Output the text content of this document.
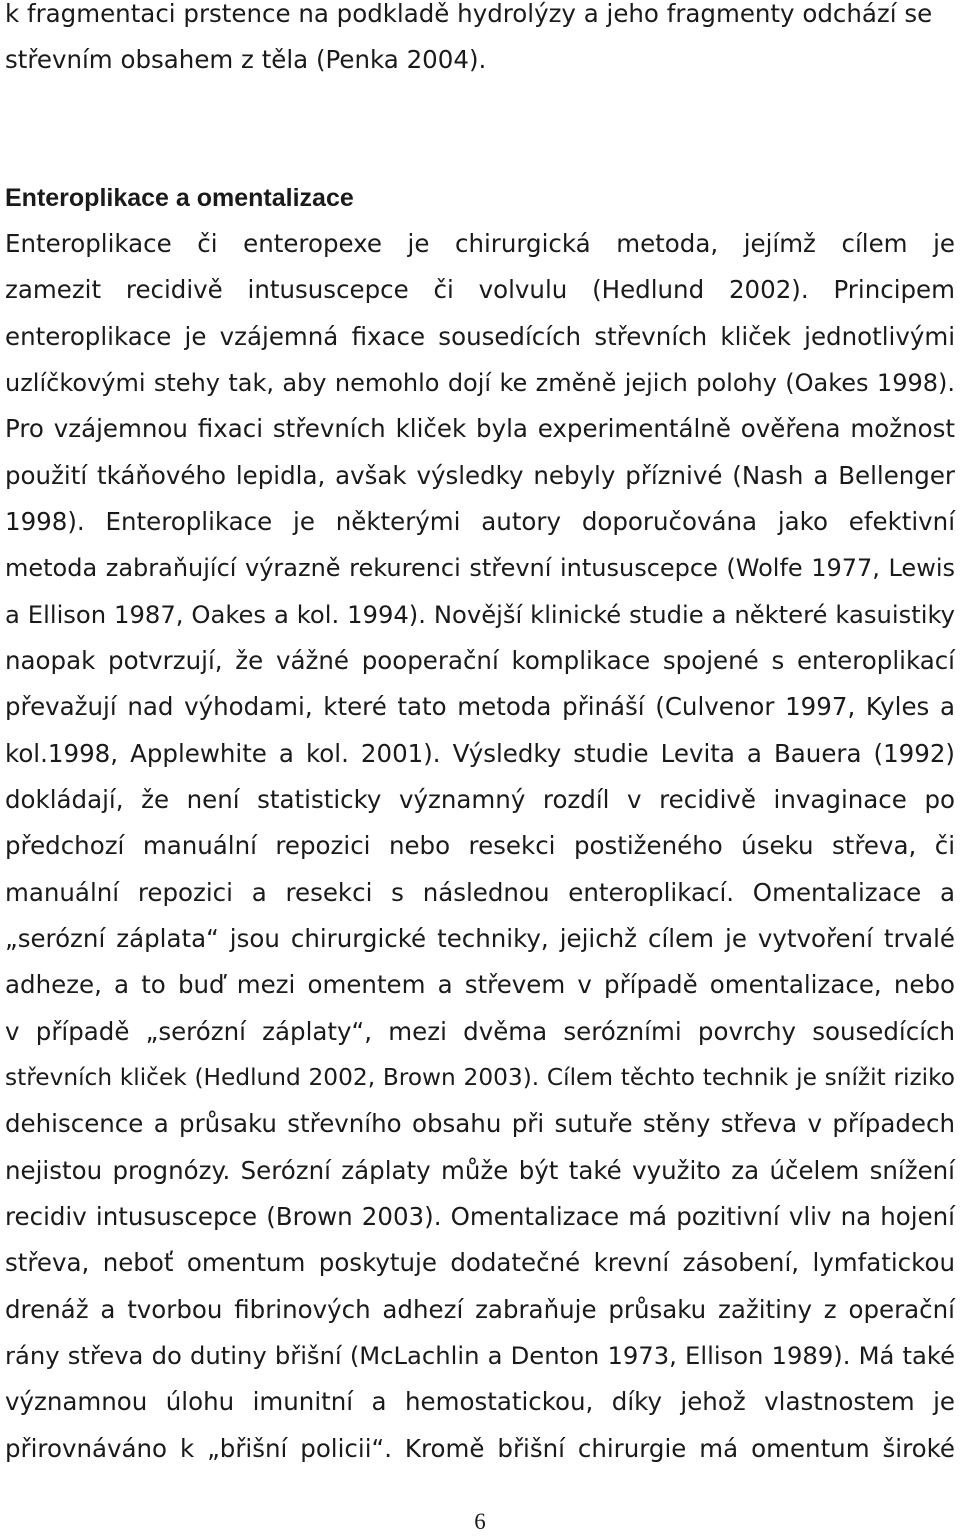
k fragmentaci prstence na podkladě hydrolýzy a jeho fragmenty odchází se
střevním obsahem z těla (Penka 2004).
Enteroplikace a omentalizace
Enteroplikace či enteropexe je chirurgická metoda, jejímž cílem je
zamezit recidivě intususcepce či volvulu (Hedlund 2002). Principem
enteroplikace je vzájemná fixace sousedících střevních kliček jednotlivými
uzlíčkovými stehy tak, aby nemohlo dojí ke změně jejich polohy (Oakes 1998).
Pro vzájemnou fixaci střevních kliček byla experimentálně ověřena možnost
použití tkáňového lepidla, avšak výsledky nebyly příznivé (Nash a Bellenger
1998). Enteroplikace je některými autory doporučována jako efektivní
metoda zabraňující výrazně rekurenci střevní intususcepce (Wolfe 1977, Lewis
a Ellison 1987, Oakes a kol. 1994). Novější klinické studie a některé kasuistiky
naopak potvrzují, že vážné pooperační komplikace spojené s enteroplikací
převažují nad výhodami, které tato metoda přináší (Culvenor 1997, Kyles a
kol.1998, Applewhite a kol. 2001). Výsledky studie Levita a Bauera (1992)
dokládají, že není statisticky významný rozdíl v recidivě invaginace po
předchozí manuální repozici nebo resekci postiženého úseku střeva, či
manuální repozici a resekci s následnou enteroplikací. Omentalizace a
„serózní záplata“ jsou chirurgické techniky, jejichž cílem je vytvoření trvalé
adheze, a to buď mezi omentem a střevem v případě omentalizace, nebo
v případě „serózní záplaty“, mezi dvěma serózními povrchy sousedících
střevních kliček (Hedlund 2002, Brown 2003). Cílem těchto technik je snížit riziko
dehiscence a průsaku střevního obsahu při sutuře stěny střeva v případech
nejistou prognózy. Serózní záplaty může být také využito za účelem snížení
recidiv intususcepce (Brown 2003). Omentalizace má pozitivní vliv na hojení
střeva, neboť omentum poskytuje dodatečné krevní zásobení, lymfatickou
drenáž a tvorbou fibrinových adhezí zabraňuje průsaku zažitiny z operační
rány střeva do dutiny břišní (McLachlin a Denton 1973, Ellison 1989). Má také
významnou úlohu imunitní a hemostatickou, díky jehož vlastnostem je
přirovnáváno k „břišní policii“. Kromě břišní chirurgie má omentum široké
6
